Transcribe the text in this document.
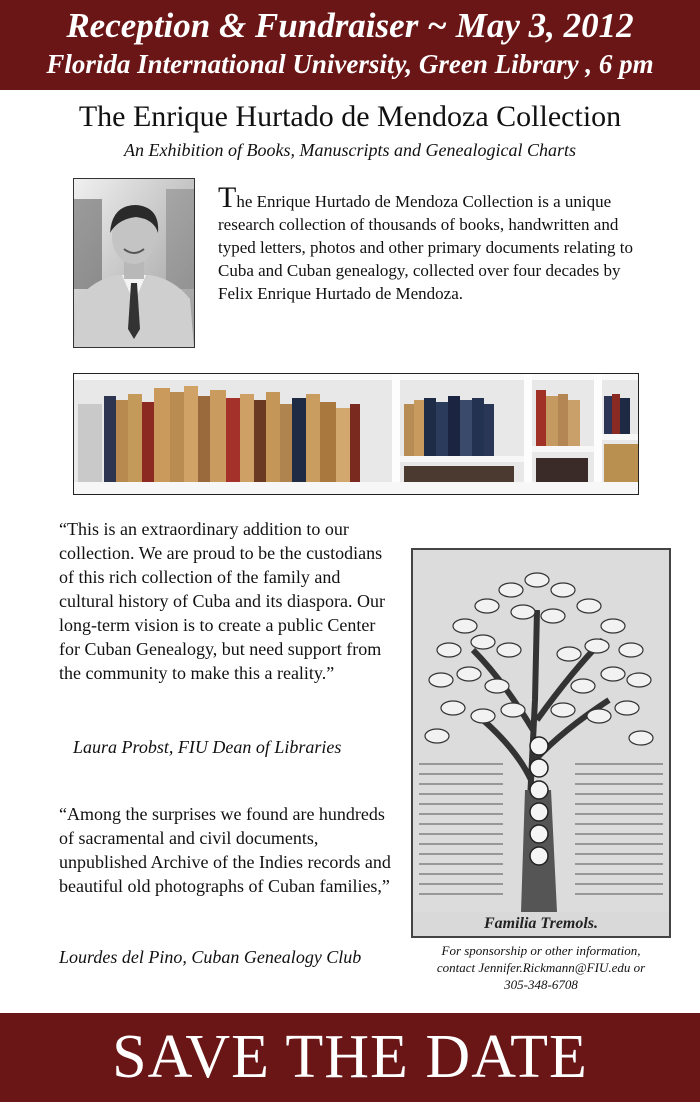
Reception & Fundraiser ~ May 3, 2012
Florida International University, Green Library , 6 pm
The Enrique Hurtado de Mendoza Collection
An Exhibition of Books, Manuscripts and Genealogical Charts
The Enrique Hurtado de Mendoza Collection is a unique research collection of thousands of books, handwritten and typed letters, photos and other primary documents relating to Cuba and Cuban genealogy, collected over four decades by Felix Enrique Hurtado de Mendoza.
“This is an extraordinary addition to our collection. We are proud to be the custodians of this rich collection of the family and cultural history of Cuba and its diaspora. Our long-term vision is to create a public Center for Cuban Genealogy, but need support from the community to make this a reality.”
Laura Probst, FIU Dean of Libraries
“Among the surprises we found are hundreds of sacramental and civil documents, unpublished Archive of the Indies records and beautiful old photographs of Cuban families,”
Lourdes del Pino, Cuban Genealogy Club
Familia Tremols.
For sponsorship or other information,
contact Jennifer.Rickmann@FIU.edu or
305-348-6708
SAVE THE DATE
